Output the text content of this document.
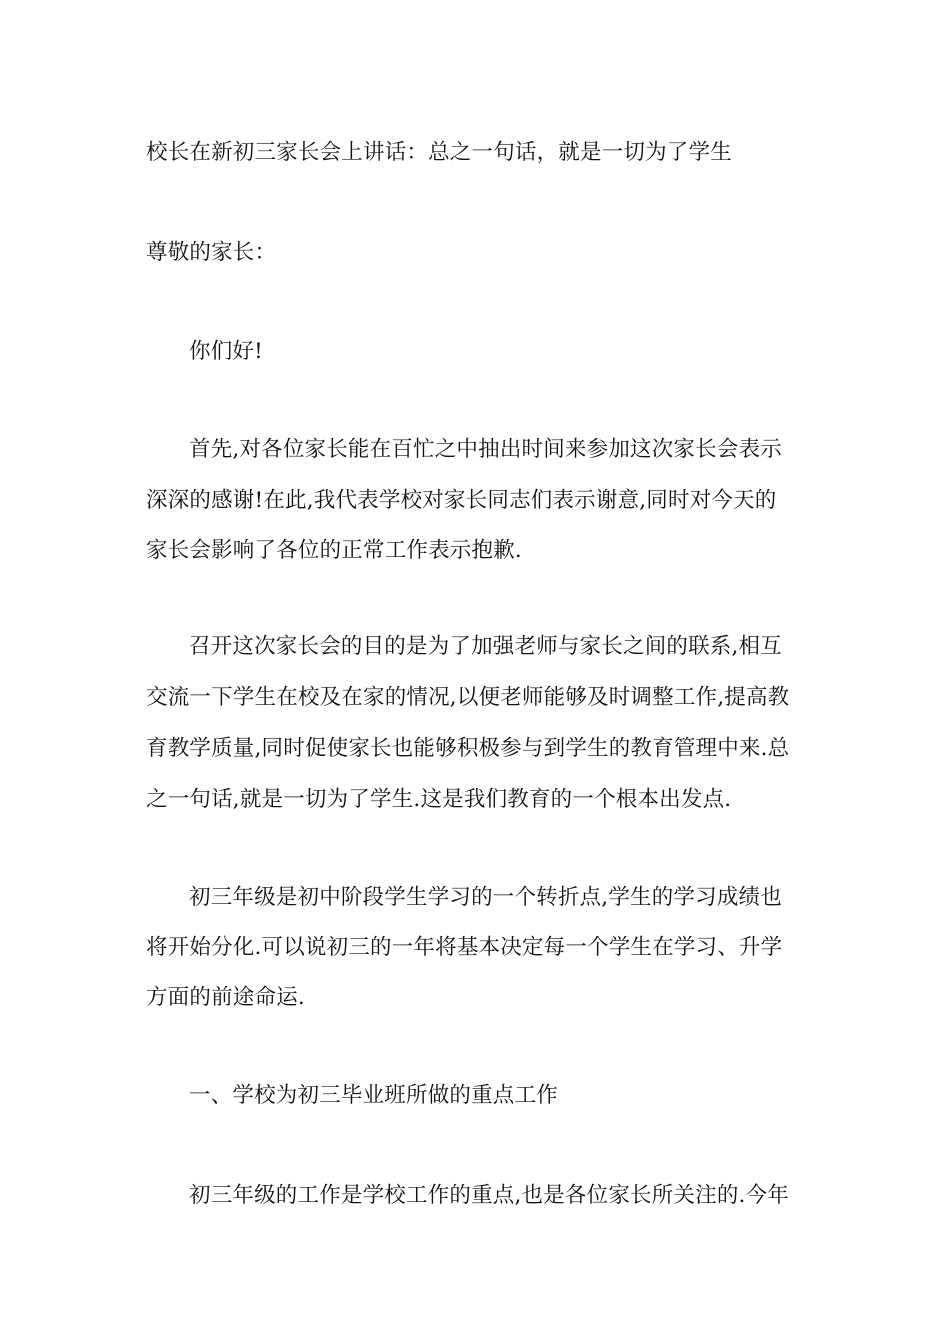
校长在新初三家长会上讲话：总之一句话，就是一切为了学生
尊敬的家长：
你们好!
首先,对各位家长能在百忙之中抽出时间来参加这次家长会表示
深深的感谢!在此,我代表学校对家长同志们表示谢意,同时对今天的
家长会影响了各位的正常工作表示抱歉.
召开这次家长会的目的是为了加强老师与家长之间的联系,相互
交流一下学生在校及在家的情况,以便老师能够及时调整工作,提高教
育教学质量,同时促使家长也能够积极参与到学生的教育管理中来.总
之一句话,就是一切为了学生.这是我们教育的一个根本出发点.
初三年级是初中阶段学生学习的一个转折点,学生的学习成绩也
将开始分化.可以说初三的一年将基本决定每一个学生在学习、升学
方面的前途命运.
一、学校为初三毕业班所做的重点工作
初三年级的工作是学校工作的重点,也是各位家长所关注的.今年
